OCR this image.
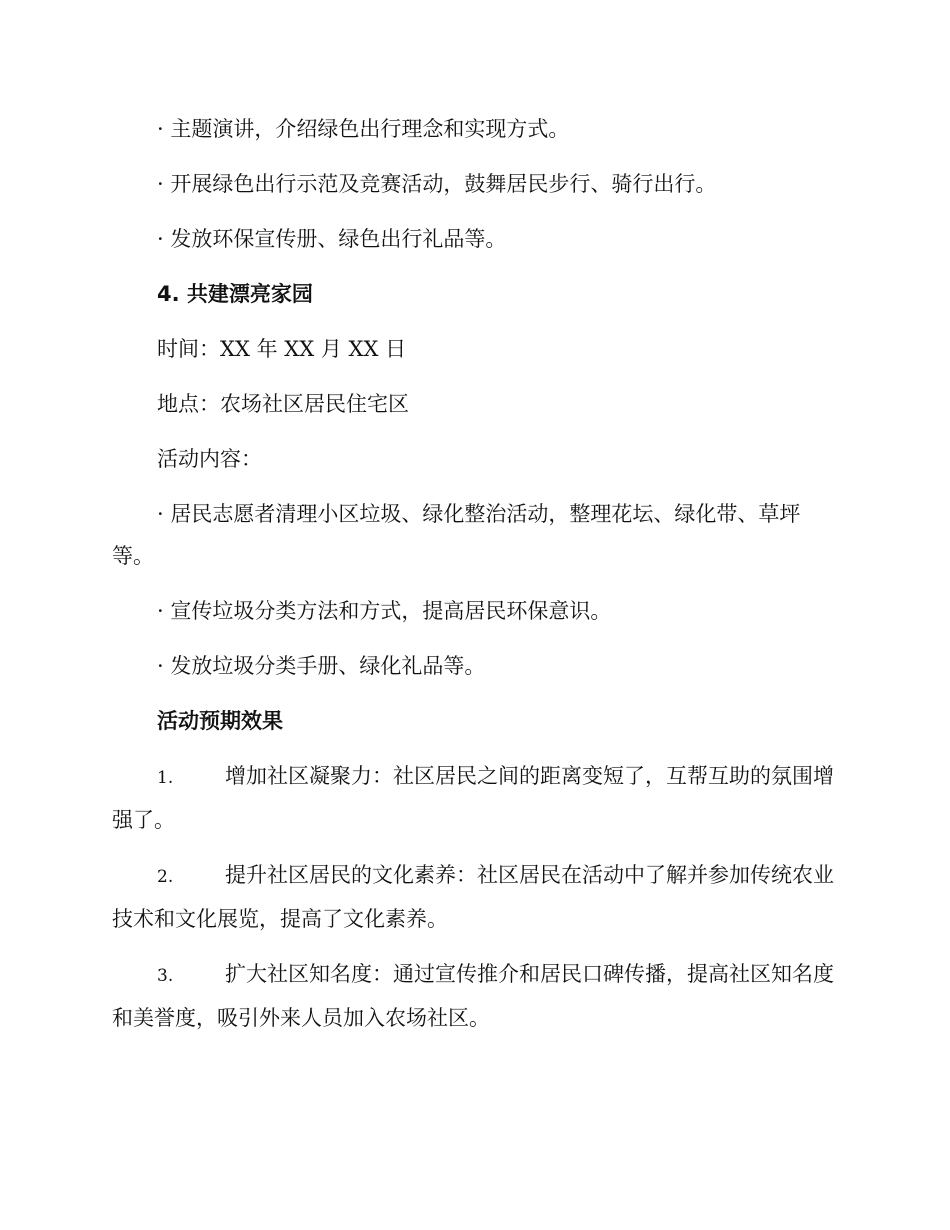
· 主题演讲，介绍绿色出行理念和实现方式。

· 开展绿色出行示范及竞赛活动，鼓舞居民步行、骑行出行。

· 发放环保宣传册、绿色出行礼品等。

4. 共建漂亮家园

时间：XX 年 XX 月 XX 日

地点：农场社区居民住宅区

活动内容：

· 居民志愿者清理小区垃圾、绿化整治活动，整理花坛、绿化带、草坪等。

· 宣传垃圾分类方法和方式，提高居民环保意识。

· 发放垃圾分类手册、绿化礼品等。

活动预期效果

1. 增加社区凝聚力：社区居民之间的距离变短了，互帮互助的氛围增强了。

2. 提升社区居民的文化素养：社区居民在活动中了解并参加传统农业技术和文化展览，提高了文化素养。

3. 扩大社区知名度：通过宣传推介和居民口碑传播，提高社区知名度和美誉度，吸引外来人员加入农场社区。
